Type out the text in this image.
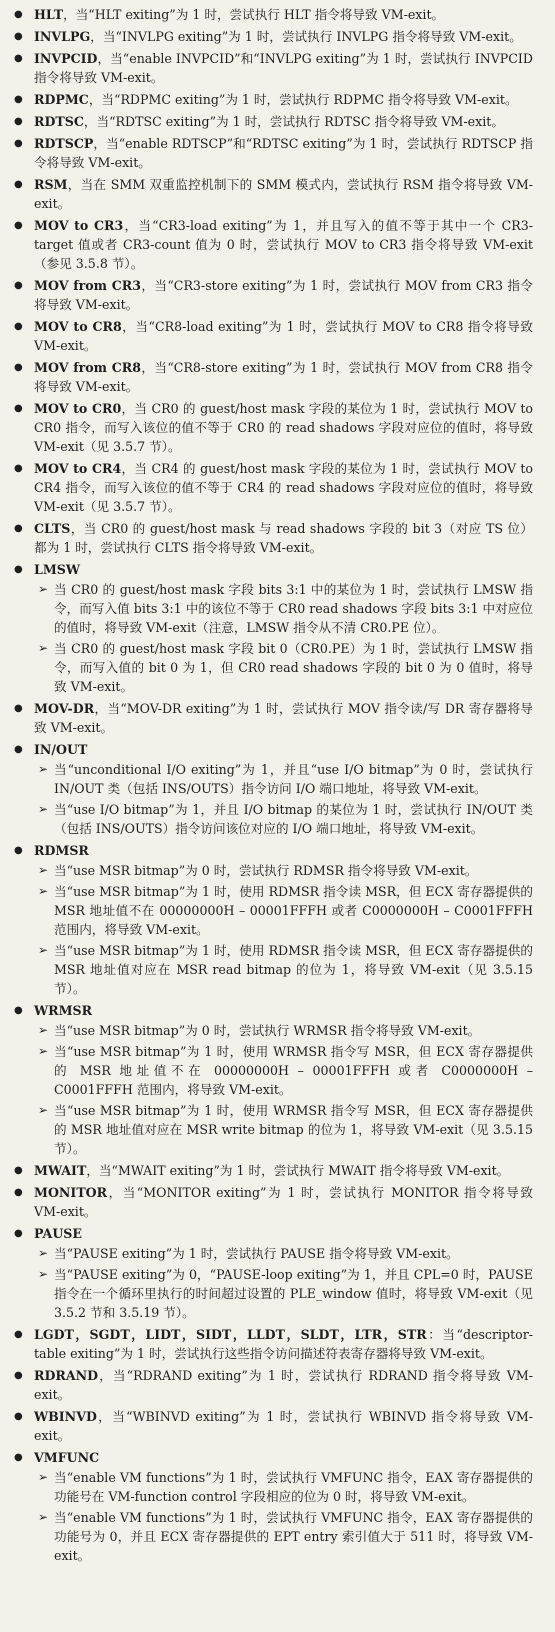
● HLT，当“HLT exiting”为 1 时，尝试执行 HLT 指令将导致 VM-exit。
● INVLPG，当“INVLPG exiting”为 1 时，尝试执行 INVLPG 指令将导致 VM-exit。
● INVPCID，当“enable INVPCID”和“INVLPG exiting”为 1 时，尝试执行 INVPCID 指令将导致 VM-exit。
● RDPMC，当“RDPMC exiting”为 1 时，尝试执行 RDPMC 指令将导致 VM-exit。
● RDTSC，当“RDTSC exiting”为 1 时，尝试执行 RDTSC 指令将导致 VM-exit。
● RDTSCP，当“enable RDTSCP”和“RDTSC exiting”为 1 时，尝试执行 RDTSCP 指令将导致 VM-exit。
● RSM，当在 SMM 双重监控机制下的 SMM 模式内，尝试执行 RSM 指令将导致 VM-exit。
● MOV to CR3，当“CR3-load exiting”为 1，并且写入的值不等于其中一个 CR3-target 值或者 CR3-count 值为 0 时，尝试执行 MOV to CR3 指令将导致 VM-exit（参见 3.5.8 节）。
● MOV from CR3，当“CR3-store exiting”为 1 时，尝试执行 MOV from CR3 指令将导致 VM-exit。
● MOV to CR8，当“CR8-load exiting”为 1 时，尝试执行 MOV to CR8 指令将导致 VM-exit。
● MOV from CR8，当“CR8-store exiting”为 1 时，尝试执行 MOV from CR8 指令将导致 VM-exit。
● MOV to CR0，当 CR0 的 guest/host mask 字段的某位为 1 时，尝试执行 MOV to CR0 指令，而写入该位的值不等于 CR0 的 read shadows 字段对应位的值时，将导致 VM-exit（见 3.5.7 节）。
● MOV to CR4，当 CR4 的 guest/host mask 字段的某位为 1 时，尝试执行 MOV to CR4 指令，而写入该位的值不等于 CR4 的 read shadows 字段对应位的值时，将导致 VM-exit（见 3.5.7 节）。
● CLTS，当 CR0 的 guest/host mask 与 read shadows 字段的 bit 3（对应 TS 位）都为 1 时，尝试执行 CLTS 指令将导致 VM-exit。
● LMSW
➢ 当 CR0 的 guest/host mask 字段 bits 3:1 中的某位为 1 时，尝试执行 LMSW 指令，而写入值 bits 3:1 中的该位不等于 CR0 read shadows 字段 bits 3:1 中对应位的值时，将导致 VM-exit（注意，LMSW 指令从不清 CR0.PE 位）。
➢ 当 CR0 的 guest/host mask 字段 bit 0（CR0.PE）为 1 时，尝试执行 LMSW 指令，而写入值的 bit 0 为 1，但 CR0 read shadows 字段的 bit 0 为 0 值时，将导致 VM-exit。
● MOV-DR，当“MOV-DR exiting”为 1 时，尝试执行 MOV 指令读/写 DR 寄存器将导致 VM-exit。
● IN/OUT
➢ 当“unconditional I/O exiting”为 1，并且“use I/O bitmap”为 0 时，尝试执行 IN/OUT 类（包括 INS/OUTS）指令访问 I/O 端口地址，将导致 VM-exit。
➢ 当“use I/O bitmap”为 1，并且 I/O bitmap 的某位为 1 时，尝试执行 IN/OUT 类（包括 INS/OUTS）指令访问该位对应的 I/O 端口地址，将导致 VM-exit。
● RDMSR
➢ 当“use MSR bitmap”为 0 时，尝试执行 RDMSR 指令将导致 VM-exit。
➢ 当“use MSR bitmap”为 1 时，使用 RDMSR 指令读 MSR，但 ECX 寄存器提供的 MSR 地址值不在 00000000H – 00001FFFH 或者 C0000000H – C0001FFFH 范围内，将导致 VM-exit。
➢ 当“use MSR bitmap”为 1 时，使用 RDMSR 指令读 MSR，但 ECX 寄存器提供的 MSR 地址值对应在 MSR read bitmap 的位为 1，将导致 VM-exit（见 3.5.15 节）。
● WRMSR
➢ 当“use MSR bitmap”为 0 时，尝试执行 WRMSR 指令将导致 VM-exit。
➢ 当“use MSR bitmap”为 1 时，使用 WRMSR 指令写 MSR，但 ECX 寄存器提供的 MSR 地址值不在 00000000H – 00001FFFH 或者 C0000000H – C0001FFFH 范围内，将导致 VM-exit。
➢ 当“use MSR bitmap”为 1 时，使用 WRMSR 指令写 MSR，但 ECX 寄存器提供的 MSR 地址值对应在 MSR write bitmap 的位为 1，将导致 VM-exit（见 3.5.15 节）。
● MWAIT，当“MWAIT exiting”为 1 时，尝试执行 MWAIT 指令将导致 VM-exit。
● MONITOR，当“MONITOR exiting”为 1 时，尝试执行 MONITOR 指令将导致 VM-exit。
● PAUSE
➢ 当“PAUSE exiting”为 1 时，尝试执行 PAUSE 指令将导致 VM-exit。
➢ 当“PAUSE exiting”为 0，“PAUSE-loop exiting”为 1，并且 CPL=0 时，PAUSE 指令在一个循环里执行的时间超过设置的 PLE_window 值时，将导致 VM-exit（见 3.5.2 节和 3.5.19 节）。
● LGDT，SGDT，LIDT，SIDT，LLDT，SLDT，LTR，STR：当“descriptor-table exiting”为 1 时，尝试执行这些指令访问描述符表寄存器将导致 VM-exit。
● RDRAND，当“RDRAND exiting”为 1 时，尝试执行 RDRAND 指令将导致 VM-exit。
● WBINVD，当“WBINVD exiting”为 1 时，尝试执行 WBINVD 指令将导致 VM-exit。
● VMFUNC
➢ 当“enable VM functions”为 1 时，尝试执行 VMFUNC 指令，EAX 寄存器提供的功能号在 VM-function control 字段相应的位为 0 时，将导致 VM-exit。
➢ 当“enable VM functions”为 1 时，尝试执行 VMFUNC 指令，EAX 寄存器提供的功能号为 0，并且 ECX 寄存器提供的 EPT entry 索引值大于 511 时，将导致 VM-exit。
